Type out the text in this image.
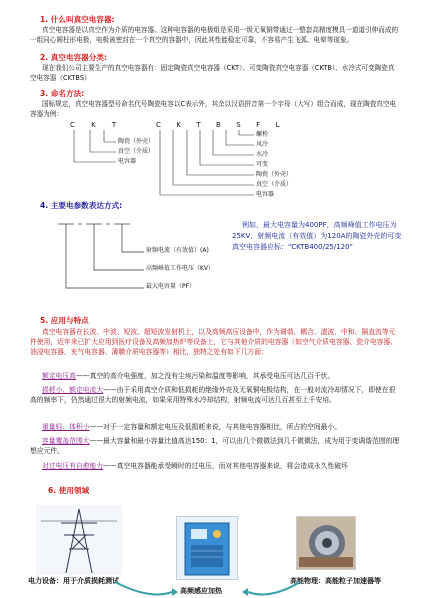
1. 什么叫真空电容器:
真空电容器是以真空作为介质的电容器。这种电容器的电极组是采用一级无氧铜带通过一整套高精度模具一道道引伸而成的一组同心圆柱形电极，电极被密封在一个真空的容器中，因此其性能稳定可靠，不容易产生飞弧、电晕等现象。
2. 真空电容器分类:
现在我们公司主要生产的真空电容器有：固定陶瓷真空电容器（CKT）、可变陶瓷真空电容器（CKTB）、水冷式可变陶瓷真空电容器（CKTBS）
3. 命名方法:
国标规定，真空电容器型号命名代号陶瓷电容以C表示外，其余以汉语拼音第一个字母（大写）组合而成，现在陶瓷真空电容器为例：
C K T
陶瓷（外壳）
真空（介质）
电容器
C K T B S F L
螺栓
风冷
水冷
可变
陶瓷（外壳）
真空（介质）
电容器
4. 主要电参数表达方式:
射频电流（有效值）(A)
高频峰值工作电压（KV）
最大电容量（PF）
例如，最大电容量为400PF，高频峰值工作电压为25KV，射频电流（有效值）为120A的陶瓷外壳的可变真空电容器应标："CKTB400/25/120"
5. 应用与特点
真空电容器在长波、中波、短波、超短波发射机上，以及高频高压设备中，作为调谐、耦合、滤波、中和、隔直流等元件使用，近年来已扩大应用到医疗设备及高频加热炉等设备上，它与其他介质的电容器（如空气介质电容器、瓷介电容器、油浸电容器、充气电容器、薄膜介质电容器等）相比，独特之处有如下几方面：
额定电压高——真空的高介电强度，加之没有尘埃污染和温度等影响，其承受电压可达几百千伏。
损耗小、额定电流大——由于采用真空介质和低损耗的绝缘外壳及无氧铜电极结构，在一般对流冷却情况下，即使在很高的频率下，仍然通过很大的射频电流，如果采用特殊水冷却结构，射频电流可达几百甚至上千安培。
重量轻、体积小——对于一定容量和额定电压及低损耗来说，与其他电容器相比，所占的空间最小。
容量覆盖范围大——最大容量和最小容量比值高达150：1，可以由几个微微法到几千微微法，成为用于变调谐范围的理想应元件。
对过电压有自愈能力——真空电容器能承受瞬时的过电压，而对其他电容器来说，将会造成永久性破坏
6. 使用领域
电力设备：用于介质损耗测试
高频感应加热
高能物理：高能粒子加速器等
